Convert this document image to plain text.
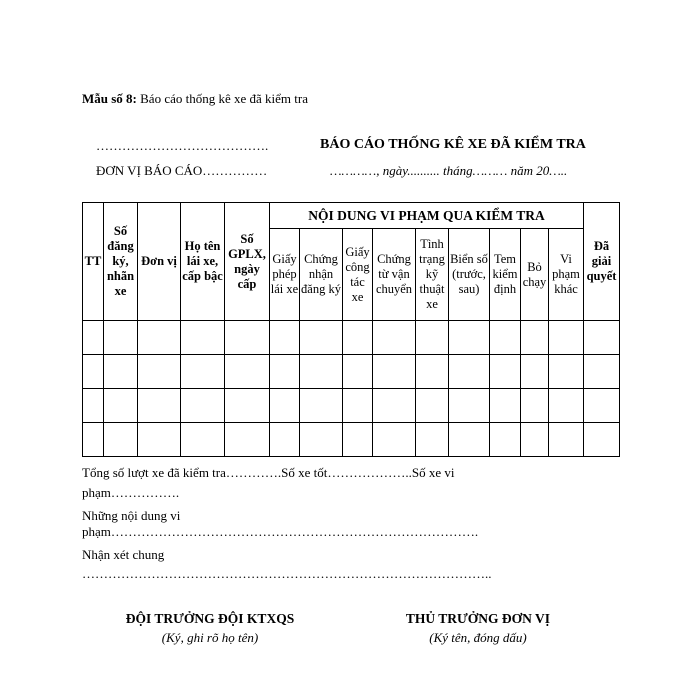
Mẫu số 8: Báo cáo thống kê xe đã kiểm tra
………………………………….	BÁO CÁO THỐNG KÊ XE ĐÃ KIỂM TRA
ĐƠN VỊ BÁO CÁO……………	…………, ngày.......... tháng……… năm 20…..
TT	Số đăng ký, nhãn xe	Đơn vị	Họ tên lái xe, cấp bậc	Số GPLX, ngày cấp	NỘI DUNG VI PHẠM QUA KIỂM TRA									Đã giải quyết
					Giấy phép lái xe	Chứng nhận đăng ký	Giấy công tác xe	Chứng từ vận chuyển	Tình trạng kỹ thuật xe	Biển số (trước, sau)	Tem kiểm định	Bỏ chạy	Vi phạm khác	

Tổng số lượt xe đã kiểm tra………….Số xe tốt………………..Số xe vi
phạm…………….
Những nội dung vi
phạm………………………………………………………………………….
Nhận xét chung
…………………………………………………………………………………..
ĐỘI TRƯỞNG ĐỘI KTXQS
(Ký, ghi rõ họ tên)
THỦ TRƯỞNG ĐƠN VỊ
(Ký tên, đóng dấu)
